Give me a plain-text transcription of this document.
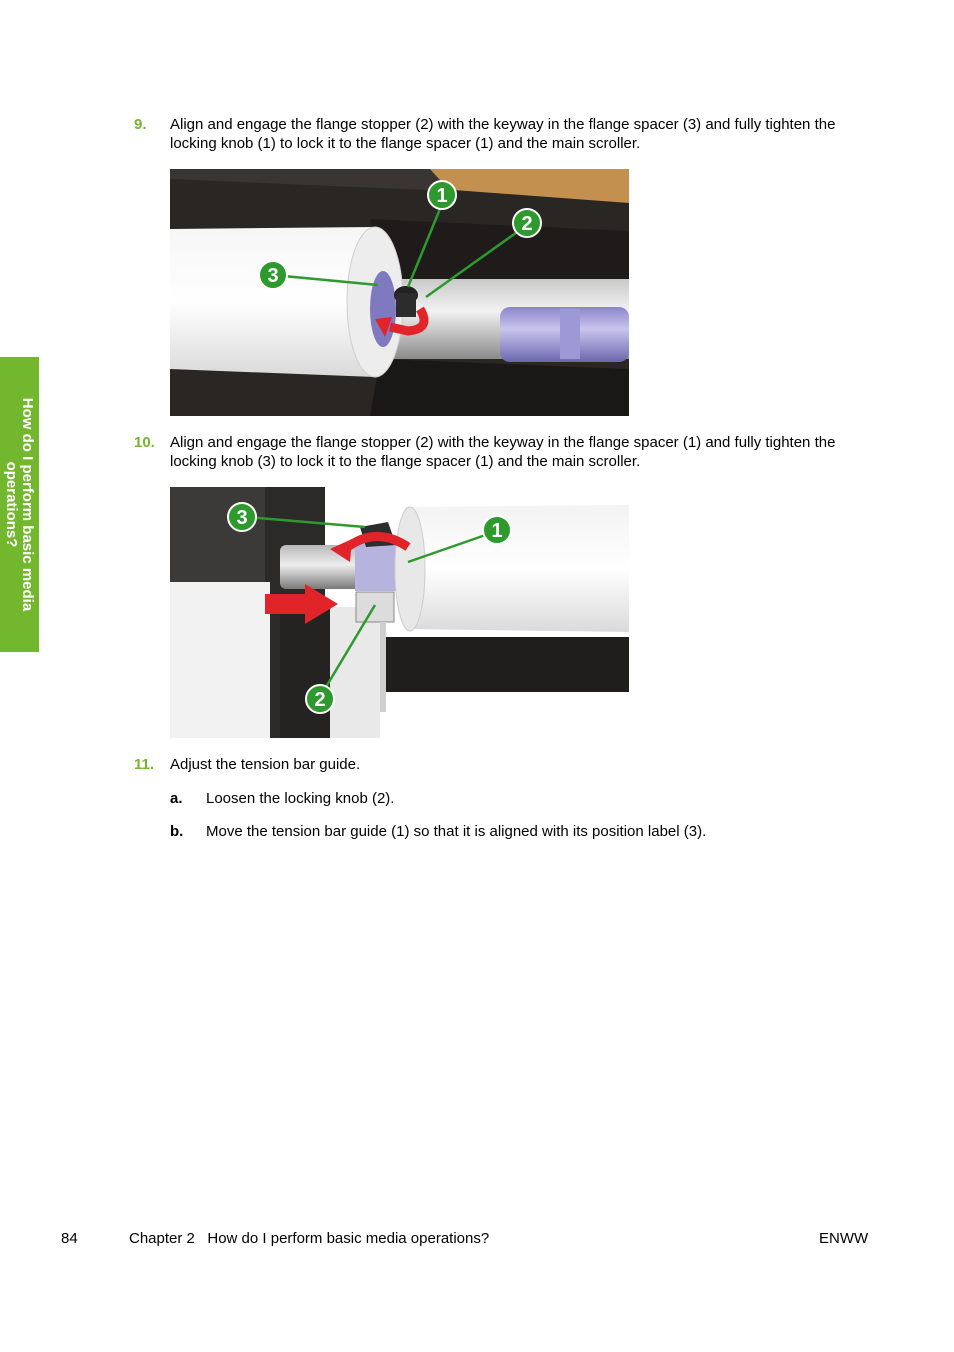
How do I perform basic media
operations?
9. Align and engage the flange stopper (2) with the keyway in the flange spacer (3) and fully tighten the locking knob (1) to lock it to the flange spacer (1) and the main scroller.
1
2
3
10. Align and engage the flange stopper (2) with the keyway in the flange spacer (1) and fully tighten the locking knob (3) to lock it to the flange spacer (1) and the main scroller.
3
1
2
11. Adjust the tension bar guide.
a. Loosen the locking knob (2).
b. Move the tension bar guide (1) so that it is aligned with its position label (3).
84	Chapter 2   How do I perform basic media operations?	ENWW
